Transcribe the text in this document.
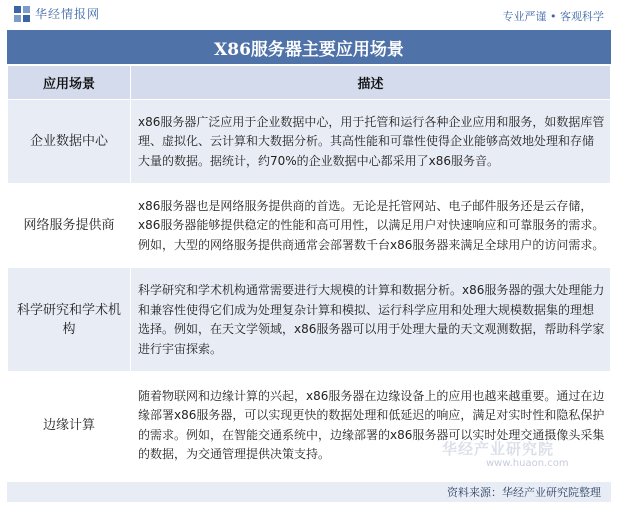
华经情报网	专业严谨 • 客观科学
X86服务器主要应用场景
应用场景	描述
企业数据中心	x86服务器广泛应用于企业数据中心，用于托管和运行各种企业应用和服务，如数据库管理、虚拟化、云计算和大数据分析。其高性能和可靠性使得企业能够高效地处理和存储大量的数据。据统计，约70%的企业数据中心都采用了x86服务音。
网络服务提供商	x86服务器也是网络服务提供商的首选。无论是托管网站、电子邮件服务还是云存储，x86服务器能够提供稳定的性能和高可用性，以满足用户对快速响应和可靠服务的需求。例如，大型的网络服务提供商通常会部署数千台x86服务器来满足全球用户的访问需求。
科学研究和学术机构	科学研究和学术机构通常需要进行大规模的计算和数据分析。x86服务器的强大处理能力和兼容性使得它们成为处理复杂计算和模拟、运行科学应用和处理大规模数据集的理想选择。例如，在天文学领域，x86服务器可以用于处理大量的天文观测数据，帮助科学家进行宇宙探索。
边缘计算	随着物联网和边缘计算的兴起，x86服务器在边缘设备上的应用也越来越重要。通过在边缘部署x86服务器，可以实现更快的数据处理和低延迟的响应，满足对实时性和隐私保护的需求。例如，在智能交通系统中，边缘部署的x86服务器可以实时处理交通摄像头采集的数据，为交通管理提供决策支持。	华经产业研究院
www.huaon.com
资料来源：华经产业研究院整理
